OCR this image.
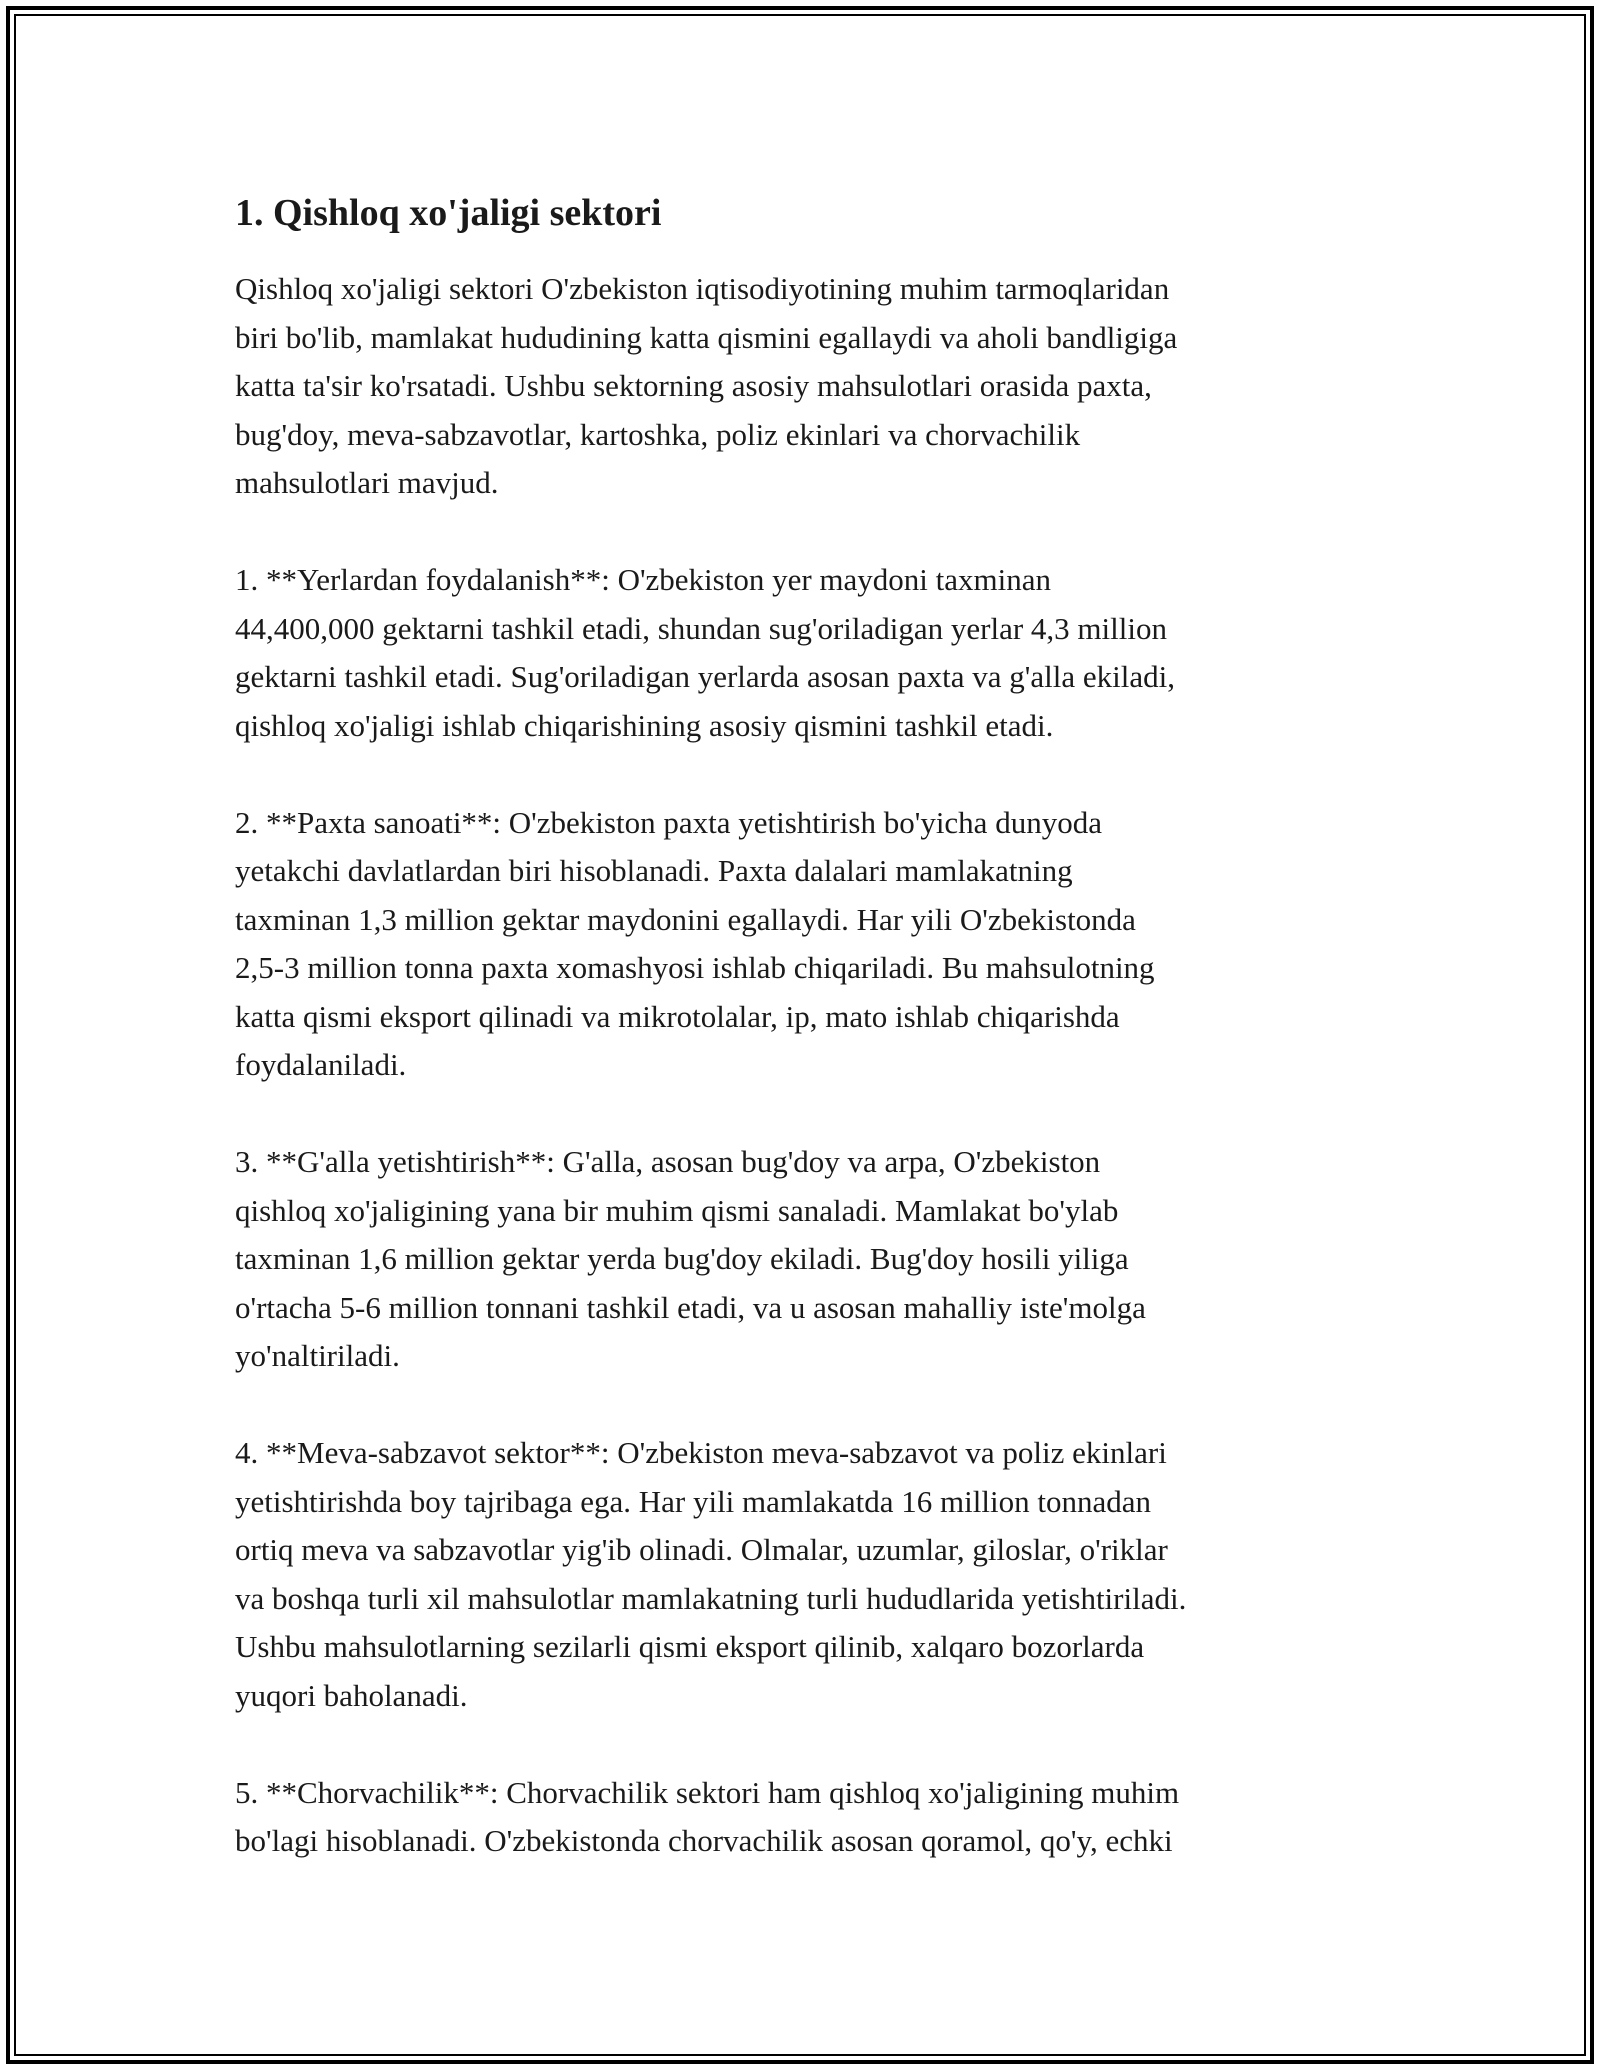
1. Qishloq xo'jaligi sektori

Qishloq xo'jaligi sektori O'zbekiston iqtisodiyotining muhim tarmoqlaridan
biri bo'lib, mamlakat hududining katta qismini egallaydi va aholi bandligiga
katta ta'sir ko'rsatadi. Ushbu sektorning asosiy mahsulotlari orasida paxta,
bug'doy, meva-sabzavotlar, kartoshka, poliz ekinlari va chorvachilik
mahsulotlari mavjud.

1. **Yerlardan foydalanish**: O'zbekiston yer maydoni taxminan
44,400,000 gektarni tashkil etadi, shundan sug'oriladigan yerlar 4,3 million
gektarni tashkil etadi. Sug'oriladigan yerlarda asosan paxta va g'alla ekiladi,
qishloq xo'jaligi ishlab chiqarishining asosiy qismini tashkil etadi.

2. **Paxta sanoati**: O'zbekiston paxta yetishtirish bo'yicha dunyoda
yetakchi davlatlardan biri hisoblanadi. Paxta dalalari mamlakatning
taxminan 1,3 million gektar maydonini egallaydi. Har yili O'zbekistonda
2,5-3 million tonna paxta xomashyosi ishlab chiqariladi. Bu mahsulotning
katta qismi eksport qilinadi va mikrotolalar, ip, mato ishlab chiqarishda
foydalaniladi.

3. **G'alla yetishtirish**: G'alla, asosan bug'doy va arpa, O'zbekiston
qishloq xo'jaligining yana bir muhim qismi sanaladi. Mamlakat bo'ylab
taxminan 1,6 million gektar yerda bug'doy ekiladi. Bug'doy hosili yiliga
o'rtacha 5-6 million tonnani tashkil etadi, va u asosan mahalliy iste'molga
yo'naltiriladi.

4. **Meva-sabzavot sektor**: O'zbekiston meva-sabzavot va poliz ekinlari
yetishtirishda boy tajribaga ega. Har yili mamlakatda 16 million tonnadan
ortiq meva va sabzavotlar yig'ib olinadi. Olmalar, uzumlar, giloslar, o'riklar
va boshqa turli xil mahsulotlar mamlakatning turli hududlarida yetishtiriladi.
Ushbu mahsulotlarning sezilarli qismi eksport qilinib, xalqaro bozorlarda
yuqori baholanadi.

5. **Chorvachilik**: Chorvachilik sektori ham qishloq xo'jaligining muhim
bo'lagi hisoblanadi. O'zbekistonda chorvachilik asosan qoramol, qo'y, echki
